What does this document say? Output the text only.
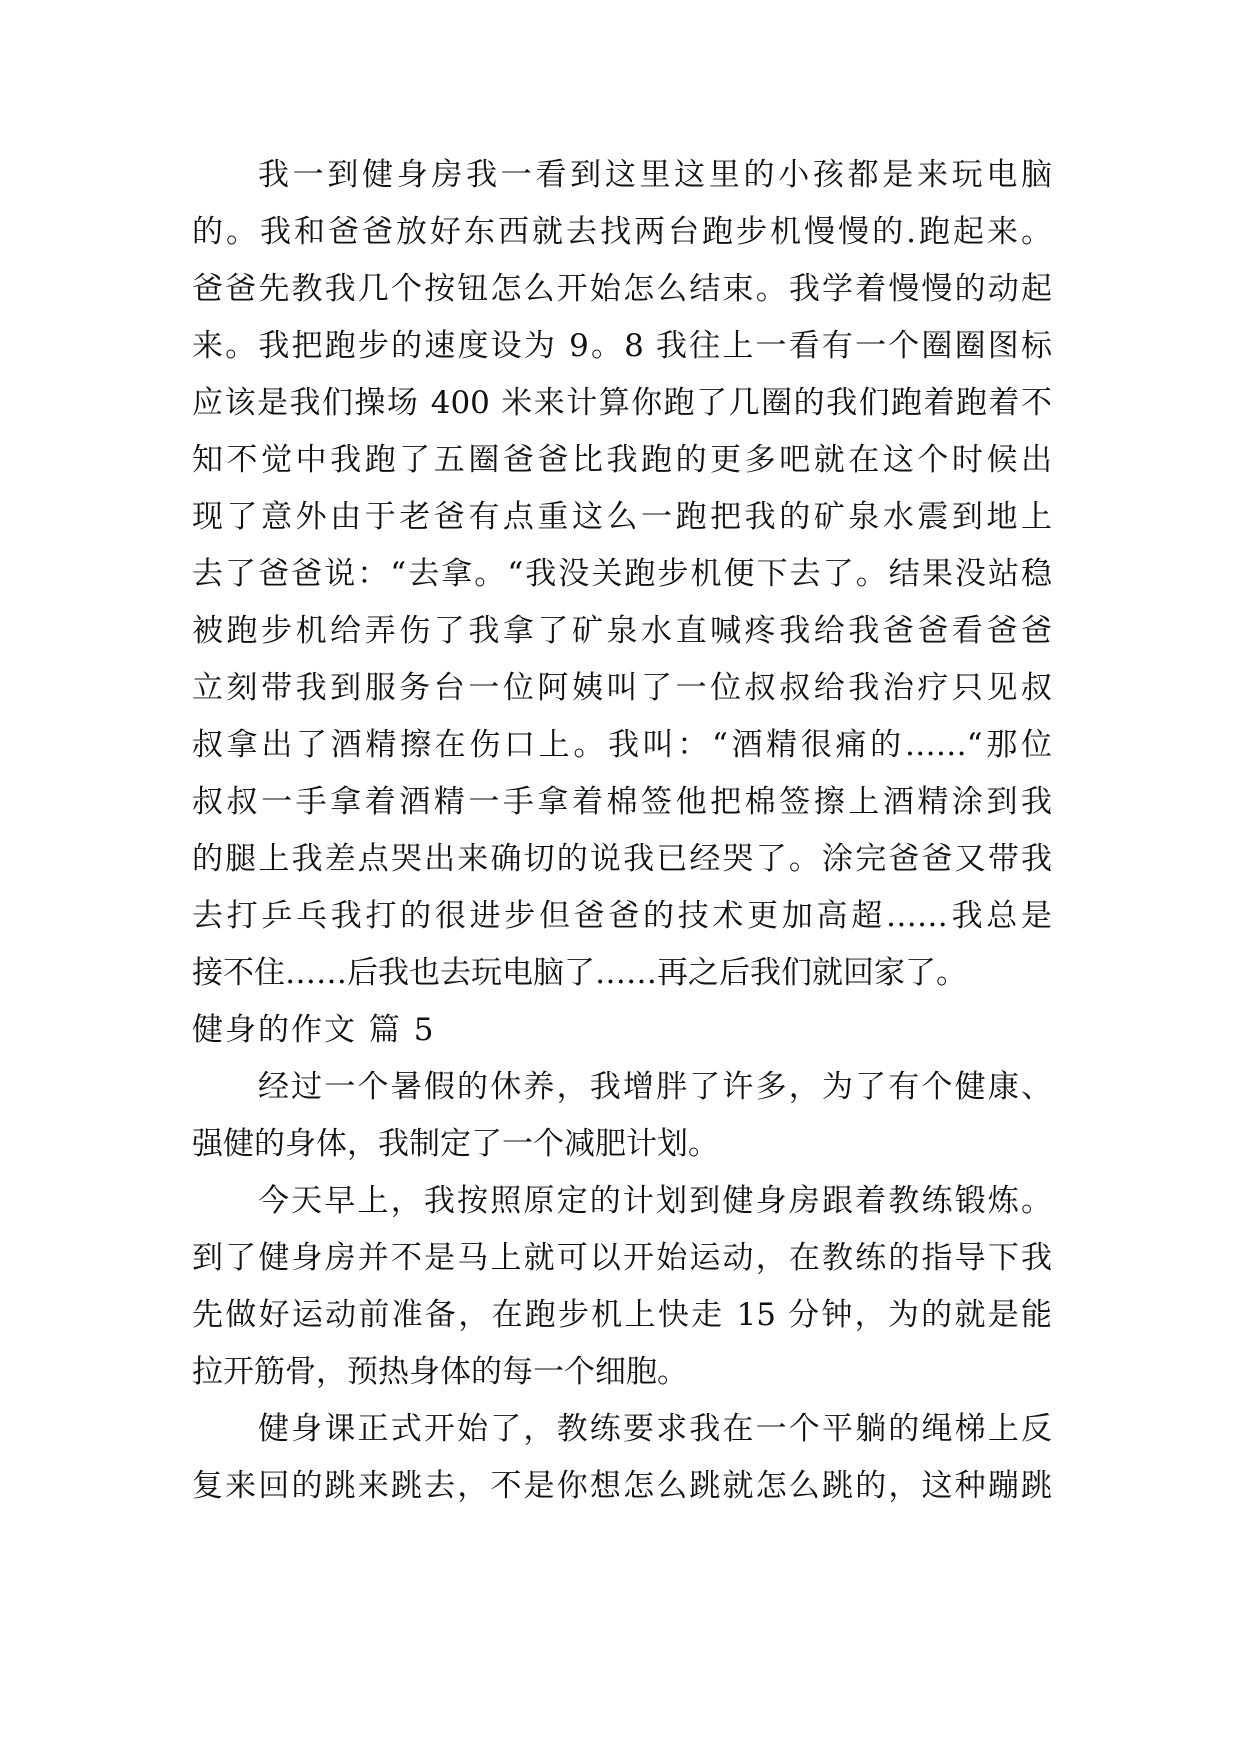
我一到健身房我一看到这里这里的小孩都是来玩电脑
的。我和爸爸放好东西就去找两台跑步机慢慢的.跑起来。
爸爸先教我几个按钮怎么开始怎么结束。我学着慢慢的动起
来。我把跑步的速度设为 9。8 我往上一看有一个圈圈图标
应该是我们操场 400 米来计算你跑了几圈的我们跑着跑着不
知不觉中我跑了五圈爸爸比我跑的更多吧就在这个时候出
现了意外由于老爸有点重这么一跑把我的矿泉水震到地上
去了爸爸说：“去拿。“我没关跑步机便下去了。结果没站稳
被跑步机给弄伤了我拿了矿泉水直喊疼我给我爸爸看爸爸
立刻带我到服务台一位阿姨叫了一位叔叔给我治疗只见叔
叔拿出了酒精擦在伤口上。我叫：“酒精很痛的……“那位
叔叔一手拿着酒精一手拿着棉签他把棉签擦上酒精涂到我
的腿上我差点哭出来确切的说我已经哭了。涂完爸爸又带我
去打乒乓我打的很进步但爸爸的技术更加高超……我总是
接不住……后我也去玩电脑了……再之后我们就回家了。
健身的作文 篇 5
经过一个暑假的休养，我增胖了许多，为了有个健康、
强健的身体，我制定了一个减肥计划。
今天早上，我按照原定的计划到健身房跟着教练锻炼。
到了健身房并不是马上就可以开始运动，在教练的指导下我
先做好运动前准备，在跑步机上快走 15 分钟，为的就是能
拉开筋骨，预热身体的每一个细胞。
健身课正式开始了，教练要求我在一个平躺的绳梯上反
复来回的跳来跳去，不是你想怎么跳就怎么跳的，这种蹦跳
